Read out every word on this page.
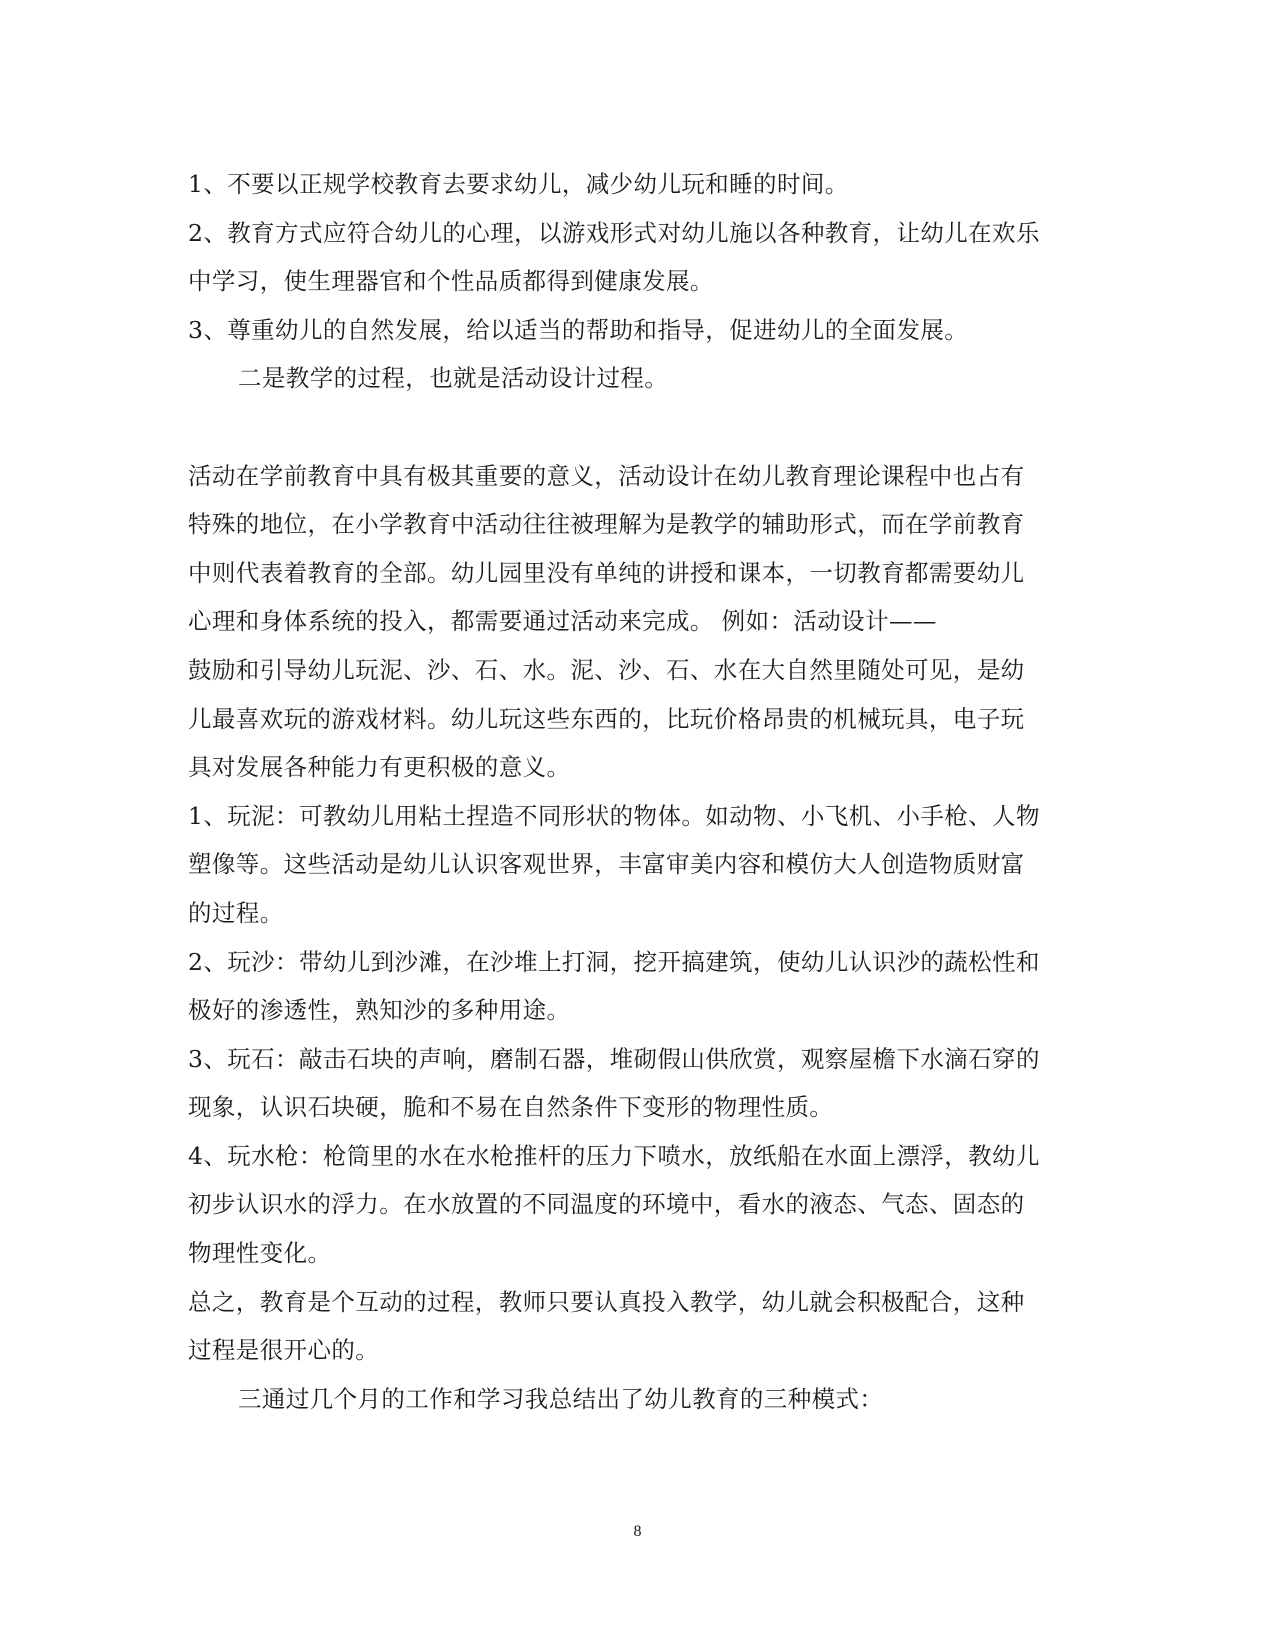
1、不要以正规学校教育去要求幼儿，减少幼儿玩和睡的时间。
2、教育方式应符合幼儿的心理，以游戏形式对幼儿施以各种教育，让幼儿在欢乐
中学习，使生理器官和个性品质都得到健康发展。
3、尊重幼儿的自然发展，给以适当的帮助和指导，促进幼儿的全面发展。
二是教学的过程，也就是活动设计过程。
活动在学前教育中具有极其重要的意义，活动设计在幼儿教育理论课程中也占有
特殊的地位，在小学教育中活动往往被理解为是教学的辅助形式，而在学前教育
中则代表着教育的全部。幼儿园里没有单纯的讲授和课本，一切教育都需要幼儿
心理和身体系统的投入，都需要通过活动来完成。 例如：活动设计——
鼓励和引导幼儿玩泥、沙、石、水。泥、沙、石、水在大自然里随处可见，是幼
儿最喜欢玩的游戏材料。幼儿玩这些东西的，比玩价格昂贵的机械玩具，电子玩
具对发展各种能力有更积极的意义。
1、玩泥：可教幼儿用粘土捏造不同形状的物体。如动物、小飞机、小手枪、人物
塑像等。这些活动是幼儿认识客观世界，丰富审美内容和模仿大人创造物质财富
的过程。
2、玩沙：带幼儿到沙滩，在沙堆上打洞，挖开搞建筑，使幼儿认识沙的蔬松性和
极好的渗透性，熟知沙的多种用途。
3、玩石：敲击石块的声响，磨制石器，堆砌假山供欣赏，观察屋檐下水滴石穿的
现象，认识石块硬，脆和不易在自然条件下变形的物理性质。
4、玩水枪：枪筒里的水在水枪推杆的压力下喷水，放纸船在水面上漂浮，教幼儿
初步认识水的浮力。在水放置的不同温度的环境中，看水的液态、气态、固态的
物理性变化。
总之，教育是个互动的过程，教师只要认真投入教学，幼儿就会积极配合，这种
过程是很开心的。
三通过几个月的工作和学习我总结出了幼儿教育的三种模式：
8
